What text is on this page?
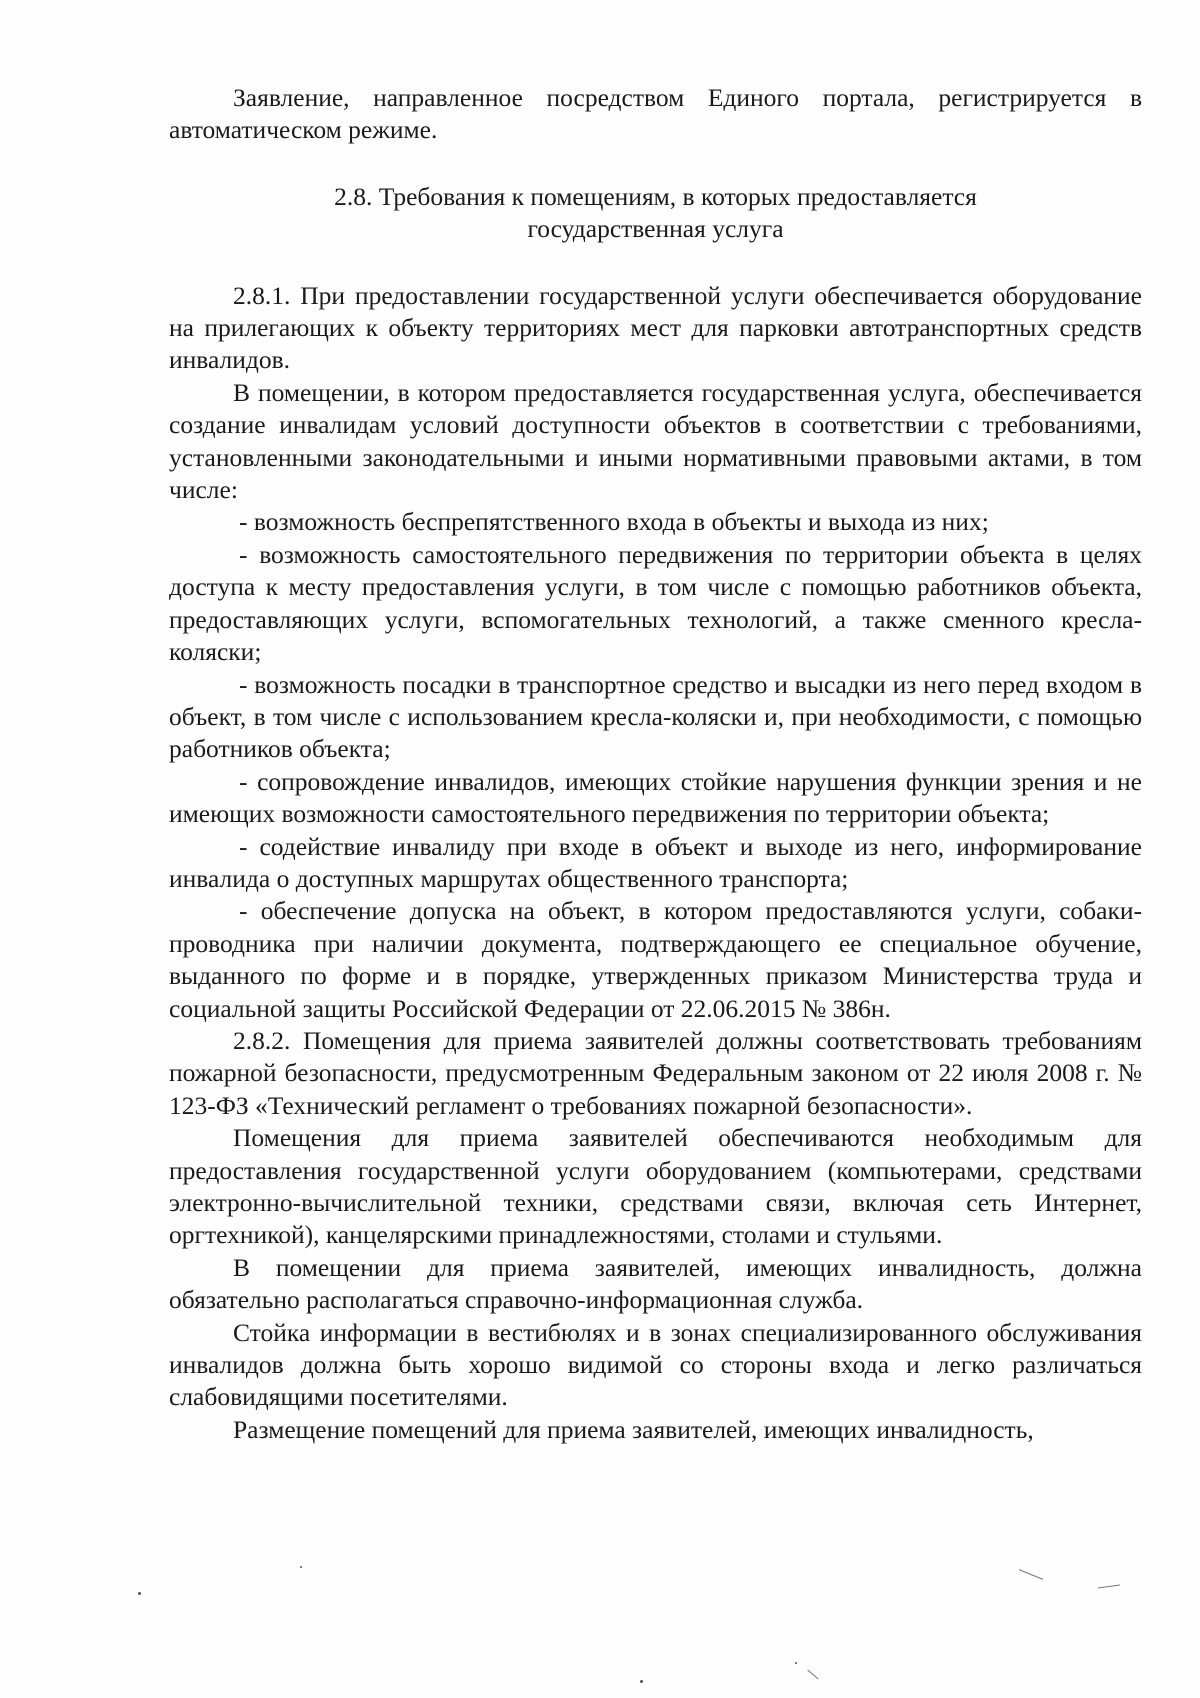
Заявление, направленное посредством Единого портала, регистрируется в автоматическом режиме.

2.8. Требования к помещениям, в которых предоставляется
государственная услуга

2.8.1. При предоставлении государственной услуги обеспечивается оборудование на прилегающих к объекту территориях мест для парковки автотранспортных средств инвалидов.

В помещении, в котором предоставляется государственная услуга, обеспечивается создание инвалидам условий доступности объектов в соответствии с требованиями, установленными законодательными и иными нормативными правовыми актами, в том числе:

- возможность беспрепятственного входа в объекты и выхода из них;

- возможность самостоятельного передвижения по территории объекта в целях доступа к месту предоставления услуги, в том числе с помощью работников объекта, предоставляющих услуги, вспомогательных технологий, а также сменного кресла-коляски;

- возможность посадки в транспортное средство и высадки из него перед входом в объект, в том числе с использованием кресла-коляски и, при необходимости, с помощью работников объекта;

- сопровождение инвалидов, имеющих стойкие нарушения функции зрения и не имеющих возможности самостоятельного передвижения по территории объекта;

- содействие инвалиду при входе в объект и выходе из него, информирование инвалида о доступных маршрутах общественного транспорта;

- обеспечение допуска на объект, в котором предоставляются услуги, собаки-проводника при наличии документа, подтверждающего ее специальное обучение, выданного по форме и в порядке, утвержденных приказом Министерства труда и социальной защиты Российской Федерации от 22.06.2015 № 386н.

2.8.2. Помещения для приема заявителей должны соответствовать требованиям пожарной безопасности, предусмотренным Федеральным законом от 22 июля 2008 г. № 123-ФЗ «Технический регламент о требованиях пожарной безопасности».

Помещения для приема заявителей обеспечиваются необходимым для предоставления государственной услуги оборудованием (компьютерами, средствами электронно-вычислительной техники, средствами связи, включая сеть Интернет, оргтехникой), канцелярскими принадлежностями, столами и стульями.

В помещении для приема заявителей, имеющих инвалидность, должна обязательно располагаться справочно-информационная служба.

Стойка информации в вестибюлях и в зонах специализированного обслуживания инвалидов должна быть хорошо видимой со стороны входа и легко различаться слабовидящими посетителями.

Размещение помещений для приема заявителей, имеющих инвалидность,
